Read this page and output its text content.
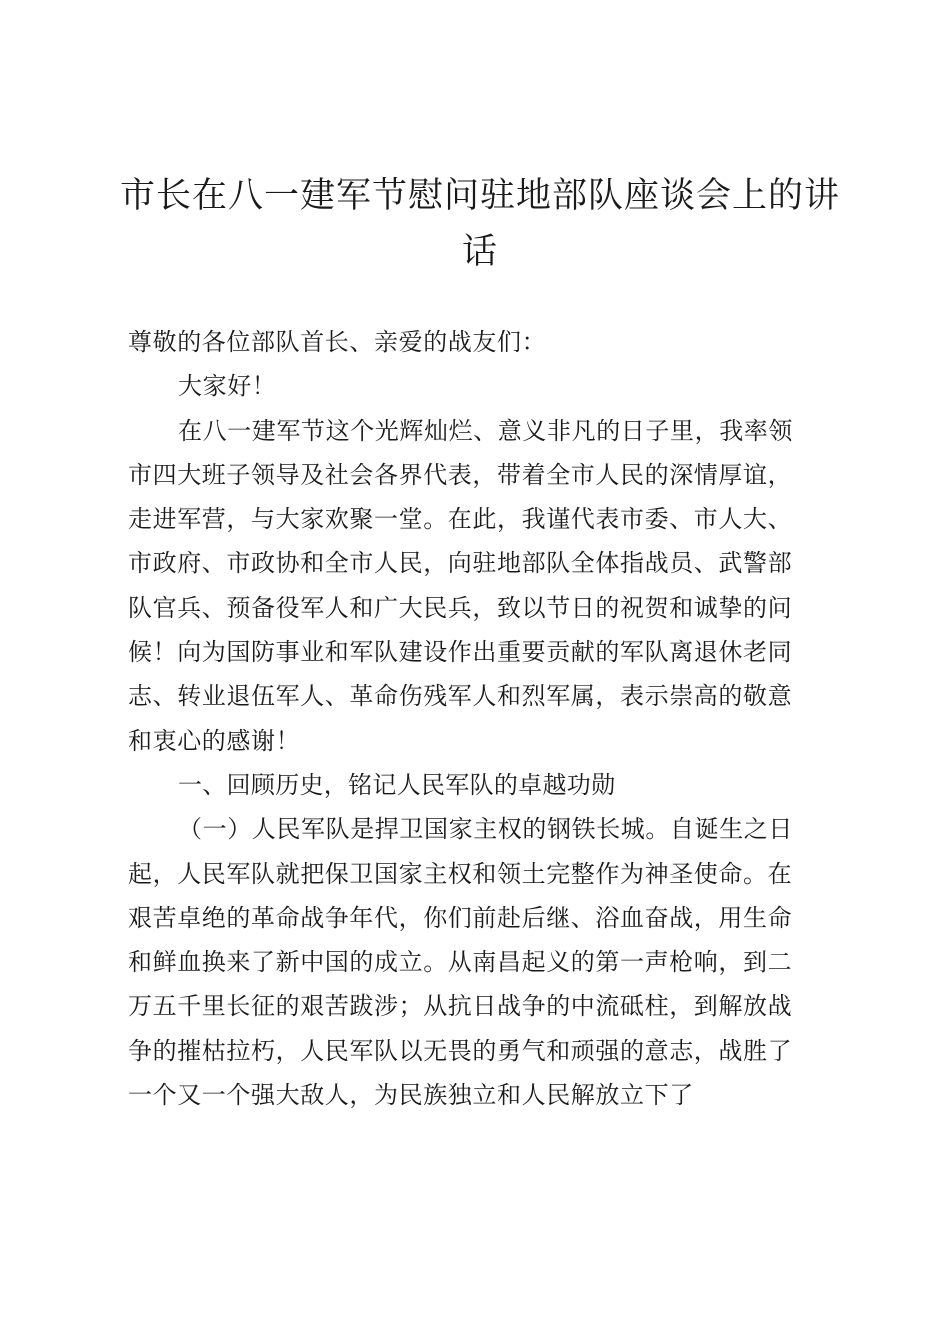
市长在八一建军节慰问驻地部队座谈会上的讲话
尊敬的各位部队首长、亲爱的战友们：
大家好！
在八一建军节这个光辉灿烂、意义非凡的日子里，我率领
市四大班子领导及社会各界代表，带着全市人民的深情厚谊，
走进军营，与大家欢聚一堂。在此，我谨代表市委、市人大、
市政府、市政协和全市人民，向驻地部队全体指战员、武警部
队官兵、预备役军人和广大民兵，致以节日的祝贺和诚挚的问
候！向为国防事业和军队建设作出重要贡献的军队离退休老同
志、转业退伍军人、革命伤残军人和烈军属，表示崇高的敬意
和衷心的感谢！
一、回顾历史，铭记人民军队的卓越功勋
（一）人民军队是捍卫国家主权的钢铁长城。自诞生之日
起，人民军队就把保卫国家主权和领土完整作为神圣使命。在
艰苦卓绝的革命战争年代，你们前赴后继、浴血奋战，用生命
和鲜血换来了新中国的成立。从南昌起义的第一声枪响，到二
万五千里长征的艰苦跋涉；从抗日战争的中流砥柱，到解放战
争的摧枯拉朽，人民军队以无畏的勇气和顽强的意志，战胜了
一个又一个强大敌人，为民族独立和人民解放立下了
